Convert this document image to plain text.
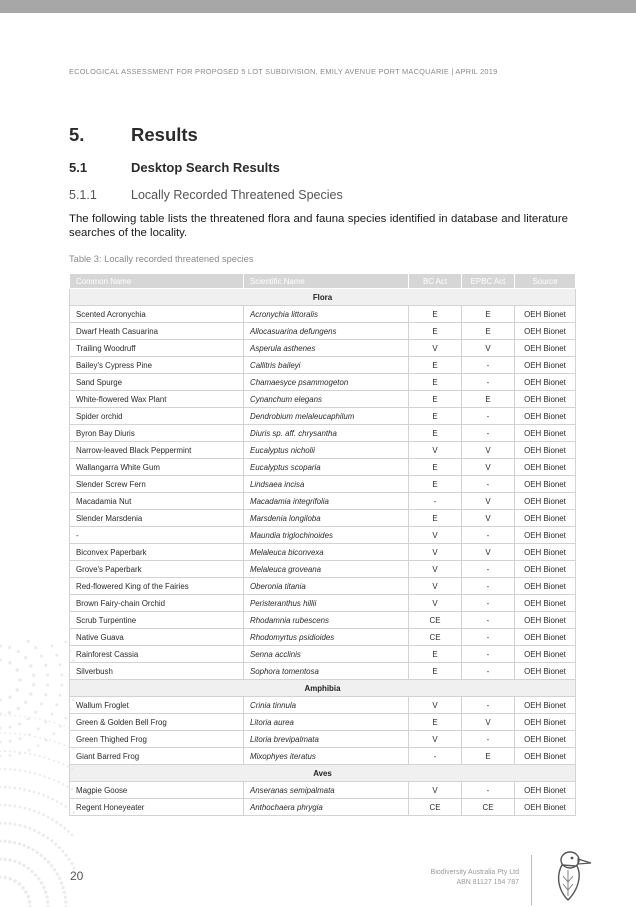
ECOLOGICAL ASSESSMENT FOR PROPOSED 5 LOT SUBDIVISION, EMILY AVENUE PORT MACQUARIE | APRIL 2019
5.	Results
5.1	Desktop Search Results
5.1.1	Locally Recorded Threatened Species

The following table lists the threatened flora and fauna species identified in database and literature searches of the locality.

Table 3: Locally recorded threatened species
Common Name	Scientific Name	BC Act	EPBC Act	Source
Flora				
Scented Acronychia	Acronychia littoralis	E	E	OEH Bionet
Dwarf Heath Casuarina	Allocasuarina defungens	E	E	OEH Bionet
Trailing Woodruff	Asperula asthenes	V	V	OEH Bionet
Bailey's Cypress Pine	Callitris baileyi	E	-	OEH Bionet
Sand Spurge	Chamaesyce psammogeton	E	-	OEH Bionet
White-flowered Wax Plant	Cynanchum elegans	E	E	OEH Bionet
Spider orchid	Dendrobium melaleucaphilum	E	-	OEH Bionet
Byron Bay Diuris	Diuris sp. aff. chrysantha	E	-	OEH Bionet
Narrow-leaved Black Peppermint	Eucalyptus nicholii	V	V	OEH Bionet
Wallangarra White Gum	Eucalyptus scoparia	E	V	OEH Bionet
Slender Screw Fern	Lindsaea incisa	E	-	OEH Bionet
Macadamia Nut	Macadamia integrifolia	-	V	OEH Bionet
Slender Marsdenia	Marsdenia longiloba	E	V	OEH Bionet
-	Maundia triglochinoides	V	-	OEH Bionet
Biconvex Paperbark	Melaleuca biconvexa	V	V	OEH Bionet
Grove's Paperbark	Melaleuca groveana	V	-	OEH Bionet
Red-flowered King of the Fairies	Oberonia titania	V	-	OEH Bionet
Brown Fairy-chain Orchid	Peristeranthus hillii	V	-	OEH Bionet
Scrub Turpentine	Rhodamnia rubescens	CE	-	OEH Bionet
Native Guava	Rhodomyrtus psidioides	CE	-	OEH Bionet
Rainforest Cassia	Senna acclinis	E	-	OEH Bionet
Silverbush	Sophora tomentosa	E	-	OEH Bionet
Amphibia				
Wallum Froglet	Crinia tinnula	V	-	OEH Bionet
Green & Golden Bell Frog	Litoria aurea	E	V	OEH Bionet
Green Thighed Frog	Litoria brevipalmata	V	-	OEH Bionet
Giant Barred Frog	Mixophyes iteratus	-	E	OEH Bionet
Aves				
Magpie Goose	Anseranas semipalmata	V	-	OEH Bionet
Regent Honeyeater	Anthochaera phrygia	CE	CE	OEH Bionet
20	Biodiversity Australia Pty Ltd
ABN 81127 154 787
